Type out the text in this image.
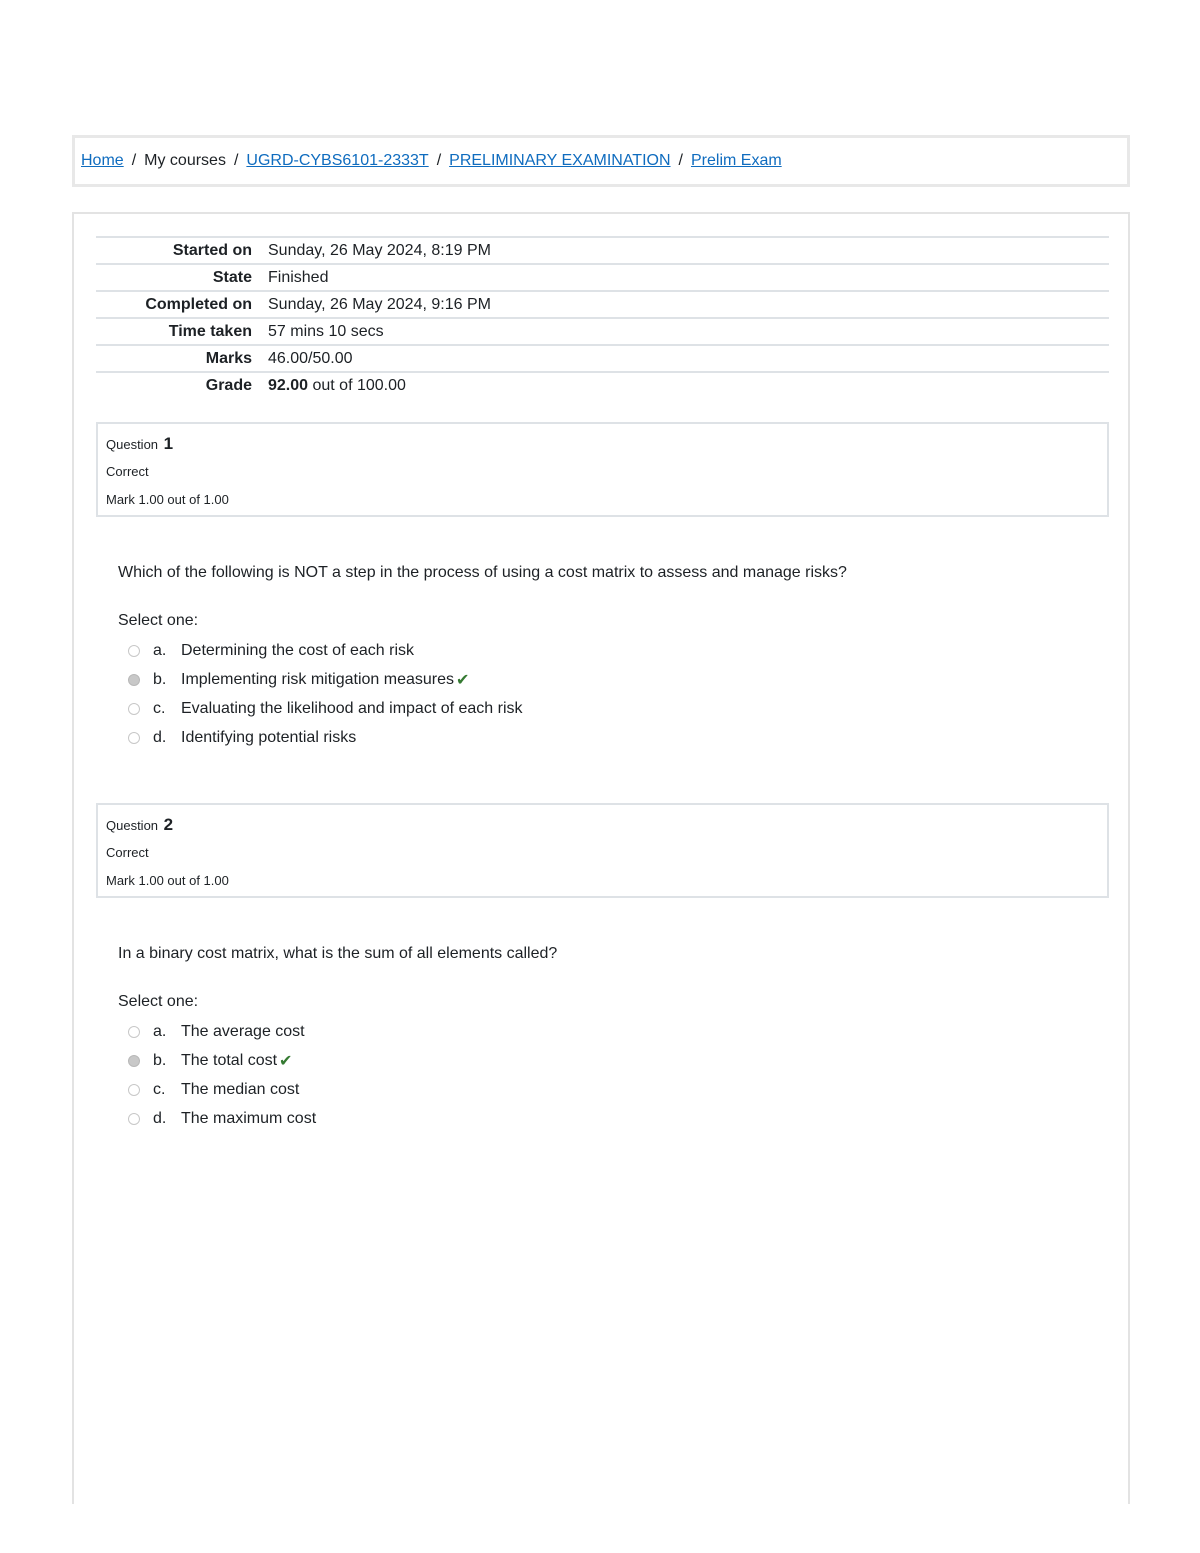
Home / My courses / UGRD-CYBS6101-2333T / PRELIMINARY EXAMINATION / Prelim Exam
Started on	Sunday, 26 May 2024, 8:19 PM
State	Finished
Completed on	Sunday, 26 May 2024, 9:16 PM
Time taken	57 mins 10 secs
Marks	46.00/50.00
Grade	92.00 out of 100.00
Question 1
Correct
Mark 1.00 out of 1.00

Which of the following is NOT a step in the process of using a cost matrix to assess and manage risks?

Select one:

a. Determining the cost of each risk
b. Implementing risk mitigation measures ✔
c. Evaluating the likelihood and impact of each risk
d. Identifying potential risks
Question 2
Correct
Mark 1.00 out of 1.00

In a binary cost matrix, what is the sum of all elements called?

Select one:

a. The average cost
b. The total cost ✔
c. The median cost
d. The maximum cost
